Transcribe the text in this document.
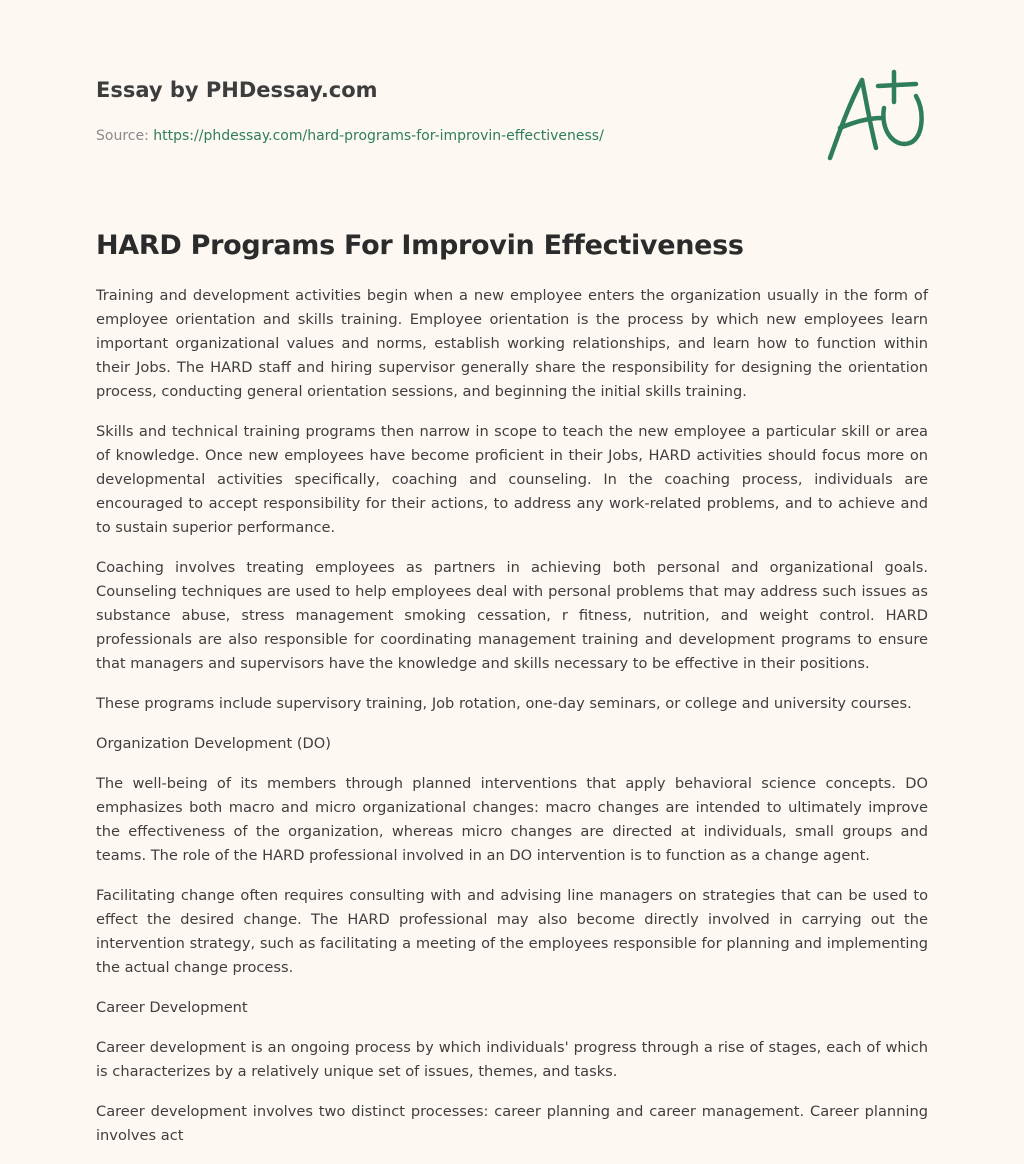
Essay by PHDessay.com
Source: https://phdessay.com/hard-programs-for-improvin-effectiveness/
HARD Programs For Improvin Effectiveness

Training and development activities begin when a new employee enters the organization usually in the form of employee orientation and skills training. Employee orientation is the process by which new employees learn important organizational values and norms, establish working relationships, and learn how to function within their Jobs. The HARD staff and hiring supervisor generally share the responsibility for designing the orientation process, conducting general orientation sessions, and beginning the initial skills training.

Skills and technical training programs then narrow in scope to teach the new employee a particular skill or area of knowledge. Once new employees have become proficient in their Jobs, HARD activities should focus more on developmental activities specifically, coaching and counseling. In the coaching process, individuals are encouraged to accept responsibility for their actions, to address any work-related problems, and to achieve and to sustain superior performance.

Coaching involves treating employees as partners in achieving both personal and organizational goals. Counseling techniques are used to help employees deal with personal problems that may address such issues as substance abuse, stress management smoking cessation, r fitness, nutrition, and weight control. HARD professionals are also responsible for coordinating management training and development programs to ensure that managers and supervisors have the knowledge and skills necessary to be effective in their positions.

These programs include supervisory training, Job rotation, one-day seminars, or college and university courses.

Organization Development (DO)

The well-being of its members through planned interventions that apply behavioral science concepts. DO emphasizes both macro and micro organizational changes: macro changes are intended to ultimately improve the effectiveness of the organization, whereas micro changes are directed at individuals, small groups and teams. The role of the HARD professional involved in an DO intervention is to function as a change agent.

Facilitating change often requires consulting with and advising line managers on strategies that can be used to effect the desired change. The HARD professional may also become directly involved in carrying out the intervention strategy, such as facilitating a meeting of the employees responsible for planning and implementing the actual change process.

Career Development

Career development is an ongoing process by which individuals' progress through a rise of stages, each of which is characterizes by a relatively unique set of issues, themes, and tasks.

Career development involves two distinct processes: career planning and career management. Career planning involves act
